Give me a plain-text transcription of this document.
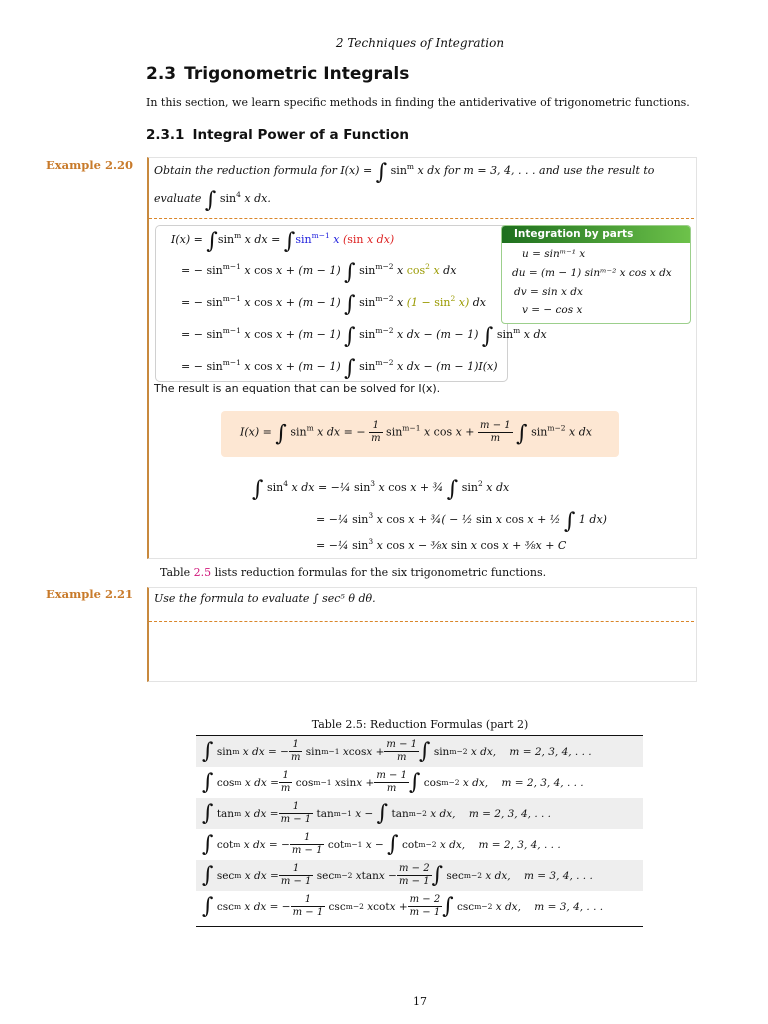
2 Techniques of Integration
2.3 Trigonometric Integrals
In this section, we learn specific methods in finding the antiderivative of trigonometric functions.
2.3.1 Integral Power of a Function
Example 2.20 Obtain the reduction formula for I(x) = ∫ $\sin^m x$ dx for m = 3, 4, . . . and use the result to
evaluate ∫ $\sin^4 x$ dx.
$I(x) = \int\sin^m$ x dx = $\int\sin^{m-1}$ x (sin x dx)
= − $\sin^{m-1} x$ cos x + (m − 1) ∫ $\sin^{m-2} x$ $\cos^2 x$ dx
= − $\sin^{m-1} x$ cos x + (m − 1) ∫ $\sin^{m-2} x$ $(1 - \sin^2 x)$ dx
= − $\sin^{m-1} x$ cos x + (m − 1) ∫ $\sin^{m-2} x$ dx − (m − 1) ∫ $\sin^m x$ dx
= − $\sin^{m-1} x$ cos x + (m − 1) ∫ $\sin^{m-2} x$ dx − (m − 1)I(x)
Integration by parts
u = sinᵐ⁻¹ x
du = (m − 1) sinᵐ⁻² x cos x dx
dv = sin x dx
v = − cos x
The result is an equation that can be solved for I(x).
I(x) = ∫ $\sin^m x$ dx = − $\frac{1}{m} \sin^{m-1} x$ $\cos x + \frac{m - 1}{m}$ ∫ $\sin^{m-2} x$ dx
∫ $\sin^4 x$ dx = −¼ $\sin^3 x$ cos x + ¾ ∫ $\sin^2 x$ dx
= −¼ $\sin^3 x$ cos x + ¾( − ½ sin x cos x + ½ ∫ 1 dx)
= −¼ $\sin^3 x$ cos x − ⅜x sin x cos x + ⅜x + C
Table 2.5 lists reduction formulas for the six trigonometric functions.
Example 2.21 Use the formula to evaluate ∫ sec⁵ θ dθ.
Table 2.5: Reduction Formulas (part 2)
∫
sin m x dx = − $\frac{1}{m}$
sin m−1 x $\cos x + \frac{m - 1}{m}$ ∫
sin m−2 x dx,    m = 2, 3, 4, . . .
∫
cos m x dx = $\frac{1}{m}$
cos m−1 x $\sin x + \frac{m - 1}{m}$ ∫
cos m−2 x dx,    m = 2, 3, 4, . . .
∫
tan m x dx = $\frac{1}{m - 1}$
tan m−1 x − ∫
tan m−2 x dx,    m = 2, 3, 4, . . .
∫
cot m x dx = − $\frac{1}{m - 1}$
cot m−1 x − ∫
cot m−2 x dx,    m = 2, 3, 4, . . .
∫
sec m x dx = $\frac{1}{m - 1}$
sec m−2 x $\tan x - \frac{m - 2}{m - 1}$ ∫
sec m−2 x dx,    m = 3, 4, . . .
∫
csc m x dx = − $\frac{1}{m - 1}$
csc m−2 x $\cot x + \frac{m - 2}{m - 1}$ ∫
csc m−2 x dx,    m = 3, 4, . . .
17
